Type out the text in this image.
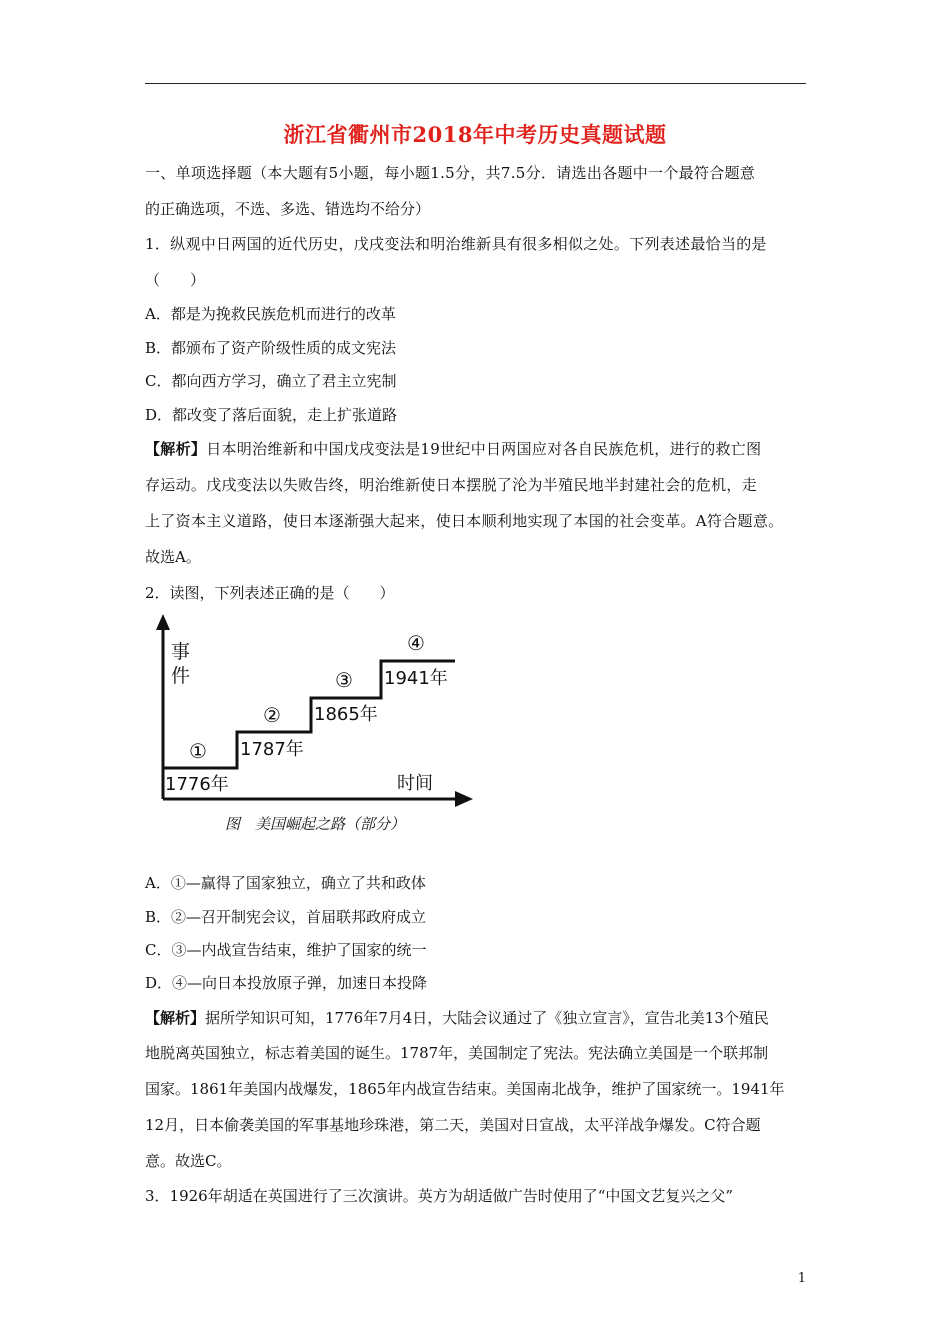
浙江省衢州市2018年中考历史真题试题
一、单项选择题（本大题有5小题，每小题1.5分，共7.5分．请选出各题中一个最符合题意
的正确选项，不选、多选、错选均不给分）
1．纵观中日两国的近代历史，戊戌变法和明治维新具有很多相似之处。下列表述最恰当的是
（　　）
A．都是为挽救民族危机而进行的改革
B．都颁布了资产阶级性质的成文宪法
C．都向西方学习，确立了君主立宪制
D．都改变了落后面貌，走上扩张道路
【解析】日本明治维新和中国戊戌变法是19世纪中日两国应对各自民族危机，进行的救亡图
存运动。戊戌变法以失败告终，明治维新使日本摆脱了沦为半殖民地半封建社会的危机，走
上了资本主义道路，使日本逐渐强大起来，使日本顺利地实现了本国的社会变革。A符合题意。
故选A。
2．读图，下列表述正确的是（　　）
事
件
时间
①
1776年
②
1787年
③
1865年
④
1941年
图　美国崛起之路（部分）
A．①—赢得了国家独立，确立了共和政体
B．②—召开制宪会议，首届联邦政府成立
C．③—内战宣告结束，维护了国家的统一
D．④—向日本投放原子弹，加速日本投降
【解析】据所学知识可知，1776年7月4日，大陆会议通过了《独立宣言》，宣告北美13个殖民
地脱离英国独立，标志着美国的诞生。1787年，美国制定了宪法。宪法确立美国是一个联邦制
国家。1861年美国内战爆发，1865年内战宣告结束。美国南北战争，维护了国家统一。1941年
12月，日本偷袭美国的军事基地珍珠港，第二天，美国对日宣战，太平洋战争爆发。C符合题
意。故选C。
3．1926年胡适在英国进行了三次演讲。英方为胡适做广告时使用了“中国文艺复兴之父”
1
